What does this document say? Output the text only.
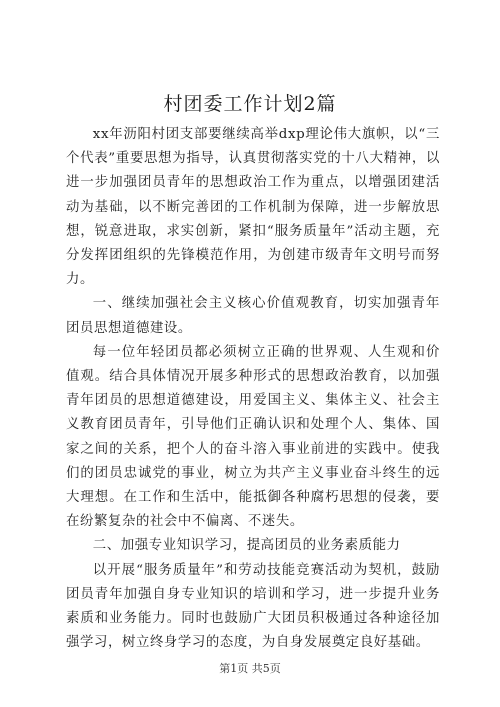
村团委工作计划2篇

xx年沥阳村团支部要继续高举dxp理论伟大旗帜，以“三个代表”重要思想为指导，认真贯彻落实党的十八大精神，以进一步加强团员青年的思想政治工作为重点，以增强团建活动为基础，以不断完善团的工作机制为保障，进一步解放思想，锐意进取，求实创新，紧扣“服务质量年”活动主题，充分发挥团组织的先锋模范作用，为创建市级青年文明号而努力。

一、继续加强社会主义核心价值观教育，切实加强青年团员思想道德建设。

每一位年轻团员都必须树立正确的世界观、人生观和价值观。结合具体情况开展多种形式的思想政治教育，以加强青年团员的思想道德建设，用爱国主义、集体主义、社会主义教育团员青年，引导他们正确认识和处理个人、集体、国家之间的关系，把个人的奋斗溶入事业前进的实践中。使我们的团员忠诚党的事业，树立为共产主义事业奋斗终生的远大理想。在工作和生活中，能抵御各种腐朽思想的侵袭，要在纷繁复杂的社会中不偏离、不迷失。

二、加强专业知识学习，提高团员的业务素质能力

以开展“服务质量年”和劳动技能竞赛活动为契机，鼓励团员青年加强自身专业知识的培训和学习，进一步提升业务素质和业务能力。同时也鼓励广大团员积极通过各种途径加强学习，树立终身学习的态度，为自身发展奠定良好基础。

第1页 共5页
